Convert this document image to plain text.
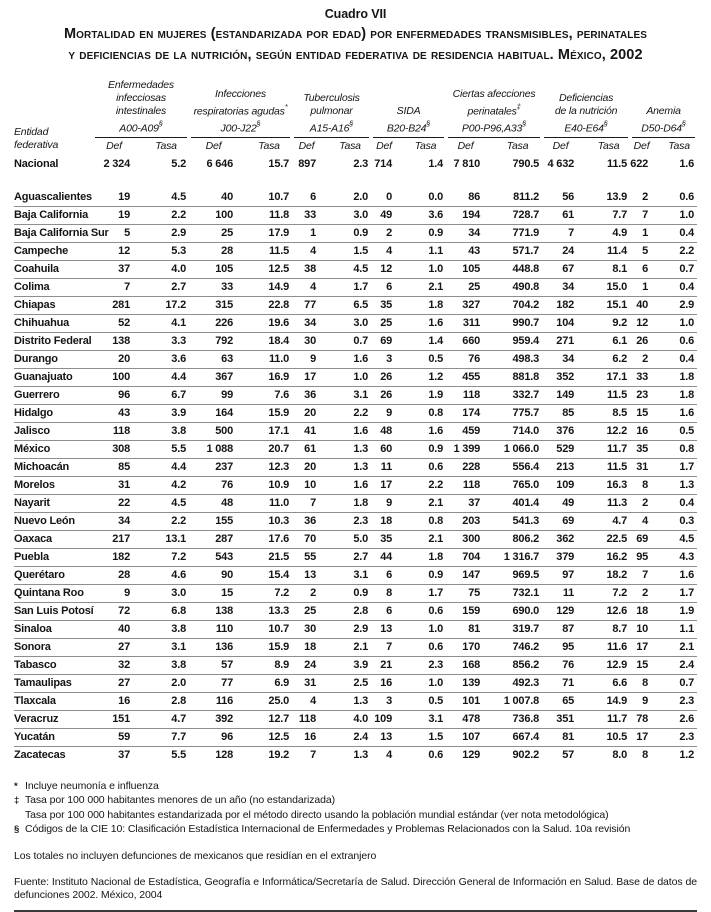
Cuadro VII
Mortalidad en mujeres (estandarizada por edad) por enfermedades transmisibles, perinatales
y deficiencias de la nutrición, según entidad federativa de residencia habitual. México, 2002
Entidad
federativa	
Enfermedades
infecciosas intestinales
A00-A09§

Infecciones
respiratorias agudas*
J00-J22§

Tuberculosis
pulmonar
A15-A16§

SIDA
B20-B24§

Ciertas afecciones
perinatales‡
P00-P96,A33§

Deficiencias
de la nutrición
E40-E64§

Anemia
D50-D64§

	Def	Tasa	Def	Tasa	Def	Tasa	Def	Tasa	Def	Tasa	Def	Tasa	Def	Tasa
Nacional	2 324	5.2	6 646	15.7	897	2.3	714	1.4	7 810	790.5	4 632	11.5	622	1.6
Aguascalientes	19	4.5	40	10.7	6	2.0	0	0.0	86	811.2	56	13.9	2	0.6
Baja California	19	2.2	100	11.8	33	3.0	49	3.6	194	728.7	61	7.7	7	1.0
Baja California Sur	5	2.9	25	17.9	1	0.9	2	0.9	34	771.9	7	4.9	1	0.4
Campeche	12	5.3	28	11.5	4	1.5	4	1.1	43	571.7	24	11.4	5	2.2
Coahuila	37	4.0	105	12.5	38	4.5	12	1.0	105	448.8	67	8.1	6	0.7
Colima	7	2.7	33	14.9	4	1.7	6	2.1	25	490.8	34	15.0	1	0.4
Chiapas	281	17.2	315	22.8	77	6.5	35	1.8	327	704.2	182	15.1	40	2.9
Chihuahua	52	4.1	226	19.6	34	3.0	25	1.6	311	990.7	104	9.2	12	1.0
Distrito Federal	138	3.3	792	18.4	30	0.7	69	1.4	660	959.4	271	6.1	26	0.6
Durango	20	3.6	63	11.0	9	1.6	3	0.5	76	498.3	34	6.2	2	0.4
Guanajuato	100	4.4	367	16.9	17	1.0	26	1.2	455	881.8	352	17.1	33	1.8
Guerrero	96	6.7	99	7.6	36	3.1	26	1.9	118	332.7	149	11.5	23	1.8
Hidalgo	43	3.9	164	15.9	20	2.2	9	0.8	174	775.7	85	8.5	15	1.6
Jalisco	118	3.8	500	17.1	41	1.6	48	1.6	459	714.0	376	12.2	16	0.5
México	308	5.5	1 088	20.7	61	1.3	60	0.9	1 399	1 066.0	529	11.7	35	0.8
Michoacán	85	4.4	237	12.3	20	1.3	11	0.6	228	556.4	213	11.5	31	1.7
Morelos	31	4.2	76	10.9	10	1.6	17	2.2	118	765.0	109	16.3	8	1.3
Nayarit	22	4.5	48	11.0	7	1.8	9	2.1	37	401.4	49	11.3	2	0.4
Nuevo León	34	2.2	155	10.3	36	2.3	18	0.8	203	541.3	69	4.7	4	0.3
Oaxaca	217	13.1	287	17.6	70	5.0	35	2.1	300	806.2	362	22.5	69	4.5
Puebla	182	7.2	543	21.5	55	2.7	44	1.8	704	1 316.7	379	16.2	95	4.3
Querétaro	28	4.6	90	15.4	13	3.1	6	0.9	147	969.5	97	18.2	7	1.6
Quintana Roo	9	3.0	15	7.2	2	0.9	8	1.7	75	732.1	11	7.2	2	1.7
San Luis Potosí	72	6.8	138	13.3	25	2.8	6	0.6	159	690.0	129	12.6	18	1.9
Sinaloa	40	3.8	110	10.7	30	2.9	13	1.0	81	319.7	87	8.7	10	1.1
Sonora	27	3.1	136	15.9	18	2.1	7	0.6	170	746.2	95	11.6	17	2.1
Tabasco	32	3.8	57	8.9	24	3.9	21	2.3	168	856.2	76	12.9	15	2.4
Tamaulipas	27	2.0	77	6.9	31	2.5	16	1.0	139	492.3	71	6.6	8	0.7
Tlaxcala	16	2.8	116	25.0	4	1.3	3	0.5	101	1 007.8	65	14.9	9	2.3
Veracruz	151	4.7	392	12.7	118	4.0	109	3.1	478	736.8	351	11.7	78	2.6
Yucatán	59	7.7	96	12.5	16	2.4	13	1.5	107	667.4	81	10.5	17	2.3
Zacatecas	37	5.5	128	19.2	7	1.3	4	0.6	129	902.2	57	8.0	8	1.2
* Incluye neumonía e influenza
‡ Tasa por 100 000 habitantes menores de un año (no estandarizada)
Tasa por 100 000 habitantes estandarizada por el método directo usando la población mundial estándar (ver nota metodológica)
§ Códigos de la CIE 10: Clasificación Estadística Internacional de Enfermedades y Problemas Relacionados con la Salud. 10a revisión
Los totales no incluyen defunciones de mexicanos que residían en el extranjero
Fuente: Instituto Nacional de Estadística, Geografía e Informática/Secretaría de Salud. Dirección General de Información en Salud. Base de datos de defunciones 2002. México, 2004
